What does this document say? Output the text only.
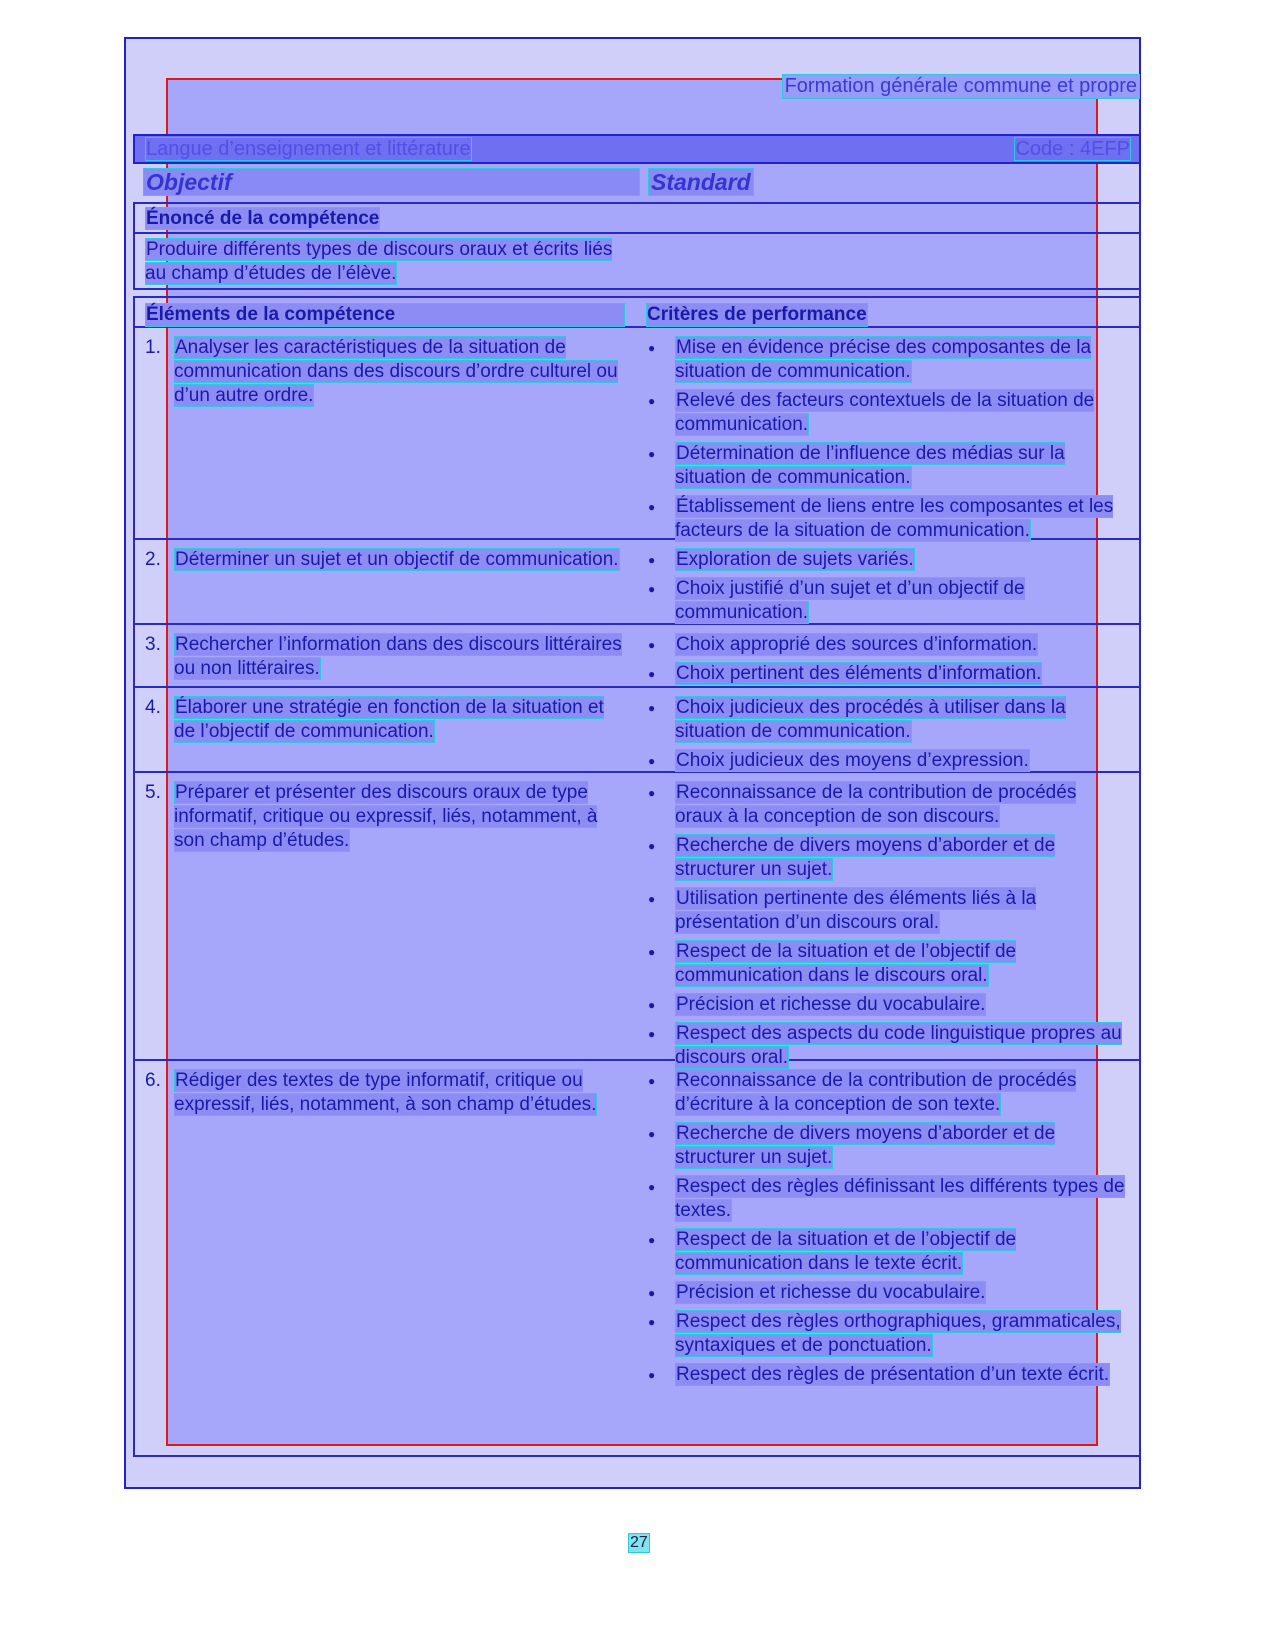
Formation générale commune et propre
Langue d’enseignement et littérature	Code : 4EFP
Objectif	Standard
Énoncé de la compétence
Produire différents types de discours oraux et écrits liés au champ d’études de l’élève.
Éléments de la compétence	Critères de performance
1. Analyser les caractéristiques de la situation de communication dans des discours d’ordre culturel ou d’un autre ordre.
●	Mise en évidence précise des composantes de la situation de communication.
●	Relevé des facteurs contextuels de la situation de communication.
●	Détermination de l’influence des médias sur la situation de communication.
●	Établissement de liens entre les composantes et les facteurs de la situation de communication.
2. Déterminer un sujet et un objectif de communication.	●	Exploration de sujets variés.
●	Choix justifié d’un sujet et d’un objectif de communication.
3. Rechercher l’information dans des discours littéraires ou non littéraires.
●	Choix approprié des sources d’information.
●	Choix pertinent des éléments d’information.
4. Élaborer une stratégie en fonction de la situation et de l’objectif de communication.
●	Choix judicieux des procédés à utiliser dans la situation de communication.
●	Choix judicieux des moyens d’expression.
5. Préparer et présenter des discours oraux de type informatif, critique ou expressif, liés, notamment, à son champ d’études.
●	Reconnaissance de la contribution de procédés oraux à la conception de son discours.
●	Recherche de divers moyens d’aborder et de structurer un sujet.
●	Utilisation pertinente des éléments liés à la présentation d’un discours oral.
●	Respect de la situation et de l’objectif de communication dans le discours oral.
●	Précision et richesse du vocabulaire.
●	Respect des aspects du code linguistique propres au discours oral.
6. Rédiger des textes de type informatif, critique ou expressif, liés, notamment, à son champ d’études.
●	Reconnaissance de la contribution de procédés d’écriture à la conception de son texte.
●	Recherche de divers moyens d’aborder et de structurer un sujet.
●	Respect des règles définissant les différents types de textes.
●	Respect de la situation et de l’objectif de communication dans le texte écrit.
●	Précision et richesse du vocabulaire.
●	Respect des règles orthographiques, grammaticales, syntaxiques et de ponctuation.
●	Respect des règles de présentation d’un texte écrit.
27
